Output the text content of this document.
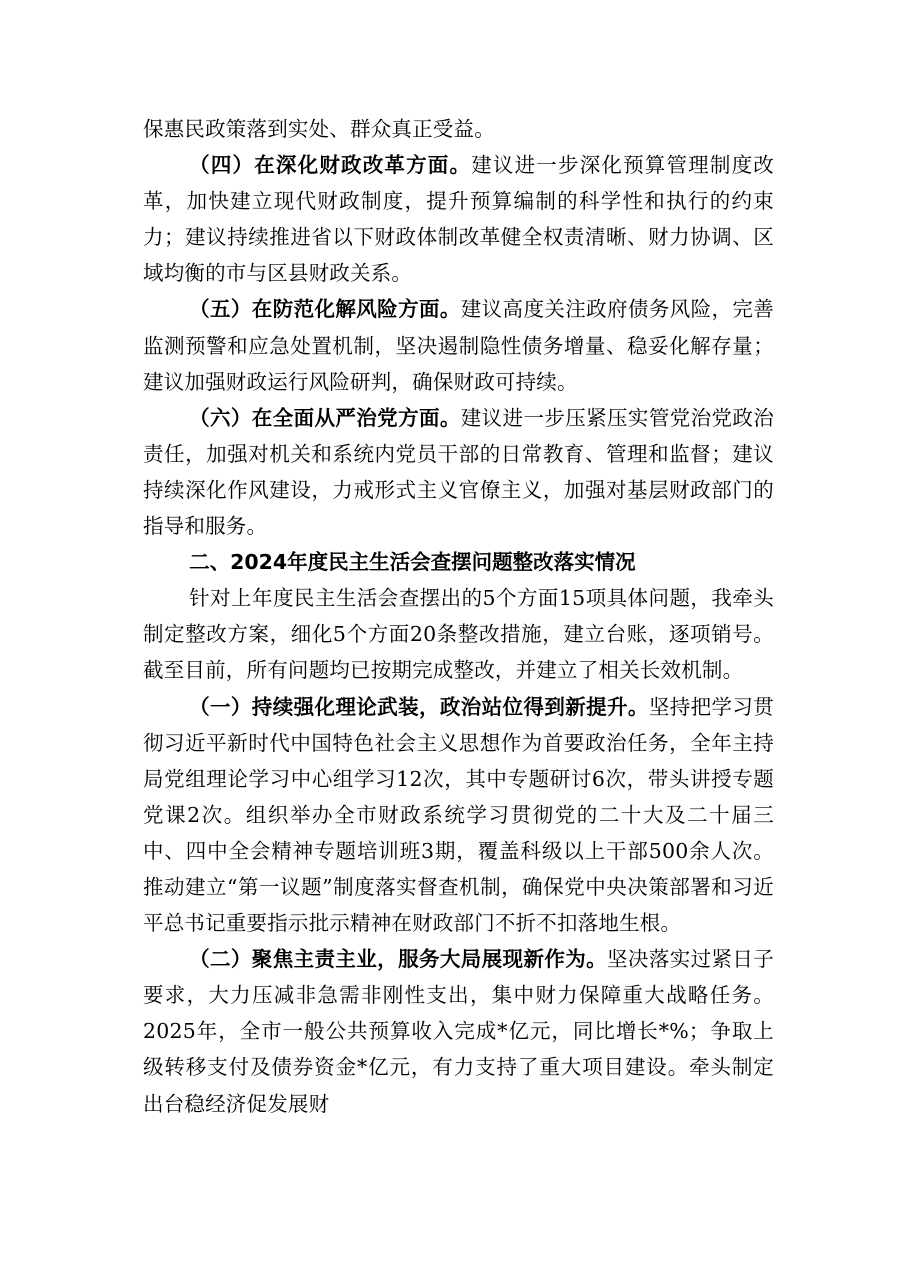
保惠民政策落到实处、群众真正受益。

（四）在深化财政改革方面。建议进一步深化预算管理制度改革，加快建立现代财政制度，提升预算编制的科学性和执行的约束力；建议持续推进省以下财政体制改革健全权责清晰、财力协调、区域均衡的市与区县财政关系。

（五）在防范化解风险方面。建议高度关注政府债务风险，完善监测预警和应急处置机制，坚决遏制隐性债务增量、稳妥化解存量；建议加强财政运行风险研判，确保财政可持续。

（六）在全面从严治党方面。建议进一步压紧压实管党治党政治责任，加强对机关和系统内党员干部的日常教育、管理和监督；建议持续深化作风建设，力戒形式主义官僚主义，加强对基层财政部门的指导和服务。

二、2024年度民主生活会查摆问题整改落实情况

针对上年度民主生活会查摆出的5个方面15项具体问题，我牵头制定整改方案，细化5个方面20条整改措施，建立台账，逐项销号。截至目前，所有问题均已按期完成整改，并建立了相关长效机制。

（一）持续强化理论武装，政治站位得到新提升。坚持把学习贯彻习近平新时代中国特色社会主义思想作为首要政治任务，全年主持局党组理论学习中心组学习12次，其中专题研讨6次，带头讲授专题党课2次。组织举办全市财政系统学习贯彻党的二十大及二十届三中、四中全会精神专题培训班3期，覆盖科级以上干部500余人次。推动建立“第一议题”制度落实督查机制，确保党中央决策部署和习近平总书记重要指示批示精神在财政部门不折不扣落地生根。

（二）聚焦主责主业，服务大局展现新作为。坚决落实过紧日子要求，大力压减非急需非刚性支出，集中财力保障重大战略任务。2025年，全市一般公共预算收入完成*亿元，同比增长*%；争取上级转移支付及债券资金*亿元，有力支持了重大项目建设。牵头制定出台稳经济促发展财
